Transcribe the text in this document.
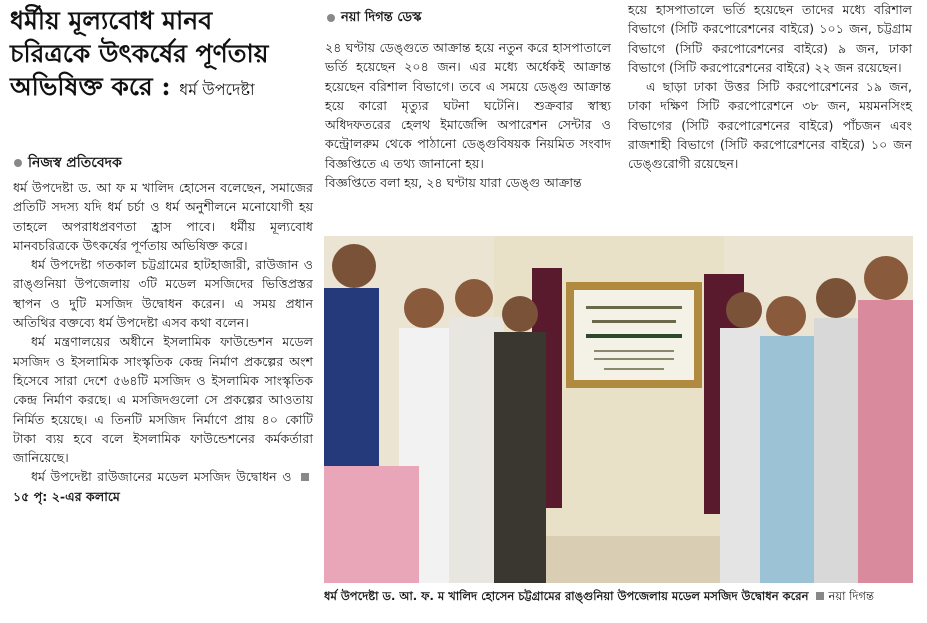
ধর্মীয় মূল্যবোধ মানব
চরিত্রকে উৎকর্ষের পূর্ণতায়
অভিষিক্ত করে : ধর্ম উপদেষ্টা
নিজস্ব প্রতিবেদক

ধর্ম উপদেষ্টা ড. আ ফ ম খালিদ হোসেন বলেছেন, সমাজের প্রতিটি সদস্য যদি ধর্ম চর্চা ও ধর্ম অনুশীলনে মনোযোগী হয় তাহলে অপরাধপ্রবণতা হ্রাস পাবে। ধর্মীয় মূল্যবোধ মানবচরিত্রকে উৎকর্ষের পূর্ণতায় অভিষিক্ত করে।

ধর্ম উপদেষ্টা গতকাল চট্টগ্রামের হাটহাজারী, রাউজান ও রাঙ্গুনিয়া উপজেলায় ৩টি মডেল মসজিদের ভিত্তিপ্রস্তর স্থাপন ও দুটি মসজিদ উদ্বোধন করেন। এ সময় প্রধান অতিথির বক্তব্যে ধর্ম উপদেষ্টা এসব কথা বলেন।

ধর্ম মন্ত্রণালয়ের অধীনে ইসলামিক ফাউন্ডেশন মডেল মসজিদ ও ইসলামিক সাংস্কৃতিক কেন্দ্র নির্মাণ প্রকল্পের অংশ হিসেবে সারা দেশে ৫৬৪টি মসজিদ ও ইসলামিক সাংস্কৃতিক কেন্দ্র নির্মাণ করছে। এ মসজিদগুলো সে প্রকল্পের আওতায় নির্মিত হয়েছে। এ তিনটি মসজিদ নির্মাণে প্রায় ৪০ কোটি টাকা ব্যয় হবে বলে ইসলামিক ফাউন্ডেশনের কর্মকর্তারা জানিয়েছে।

ধর্ম উপদেষ্টা রাউজানের মডেল মসজিদ উদ্বোধন ও  ১৫ পৃ: ২-এর কলামে

নয়া দিগন্ত ডেস্ক

২৪ ঘণ্টায় ডেঙ্গুতে আক্রান্ত হয়ে নতুন করে হাসপাতালে ভর্তি হয়েছেন ২০৪ জন। এর মধ্যে অর্ধেকই আক্রান্ত হয়েছেন বরিশাল বিভাগে। তবে এ সময়ে ডেঙ্গু আক্রান্ত হয়ে কারো মৃত্যুর ঘটনা ঘটেনি। শুক্রবার স্বাস্থ্য অধিদফতরের হেলথ ইমার্জেন্সি অপারেশন সেন্টার ও কন্ট্রোলরুম থেকে পাঠানো ডেঙ্গুবিষয়ক নিয়মিত সংবাদ বিজ্ঞপ্তিতে এ তথ্য জানানো হয়।

বিজ্ঞপ্তিতে বলা হয়, ২৪ ঘণ্টায় যারা ডেঙ্গু আক্রান্ত

হয়ে হাসপাতালে ভর্তি হয়েছেন তাদের মধ্যে বরিশাল বিভাগে (সিটি করপোরেশনের বাইরে) ১০১ জন, চট্টগ্রাম বিভাগে (সিটি করপোরেশনের বাইরে) ৯ জন, ঢাকা বিভাগে (সিটি করপোরেশনের বাইরে) ২২ জন রয়েছেন।

এ ছাড়া ঢাকা উত্তর সিটি করপোরেশনের ১৯ জন, ঢাকা দক্ষিণ সিটি করপোরেশনে ৩৮ জন, ময়মনসিংহ বিভাগের (সিটি করপোরেশনের বাইরে) পাঁচজন এবং রাজশাহী বিভাগে (সিটি করপোরেশনের বাইরে) ১০ জন ডেঙ্গুরোগী রয়েছেন।

ধর্ম উপদেষ্টা ড. আ. ফ. ম খালিদ হোসেন চট্টগ্রামের রাঙ্গুনিয়া উপজেলায় মডেল মসজিদ উদ্বোধন করেন নয়া দিগন্ত
